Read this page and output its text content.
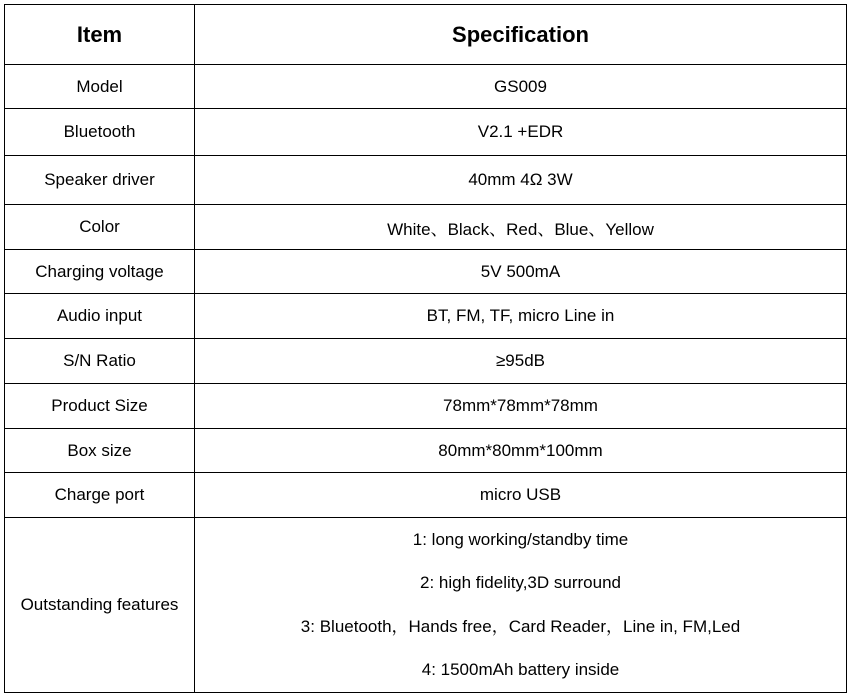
Item	Specification
Model	GS009
Bluetooth	V2.1 +EDR
Speaker driver	40mm 4Ω 3W
Color	White、Black、Red、Blue、Yellow
Charging voltage	5V 500mA
Audio input	BT, FM, TF, micro Line in
S/N Ratio	≥95dB
Product Size	78mm*78mm*78mm
Box size	80mm*80mm*100mm
Charge port	micro USB
Outstanding features	1: long working/standby time
2: high fidelity,3D surround
3: Bluetooth，Hands free，Card Reader，Line in, FM,Led
4: 1500mAh battery inside
